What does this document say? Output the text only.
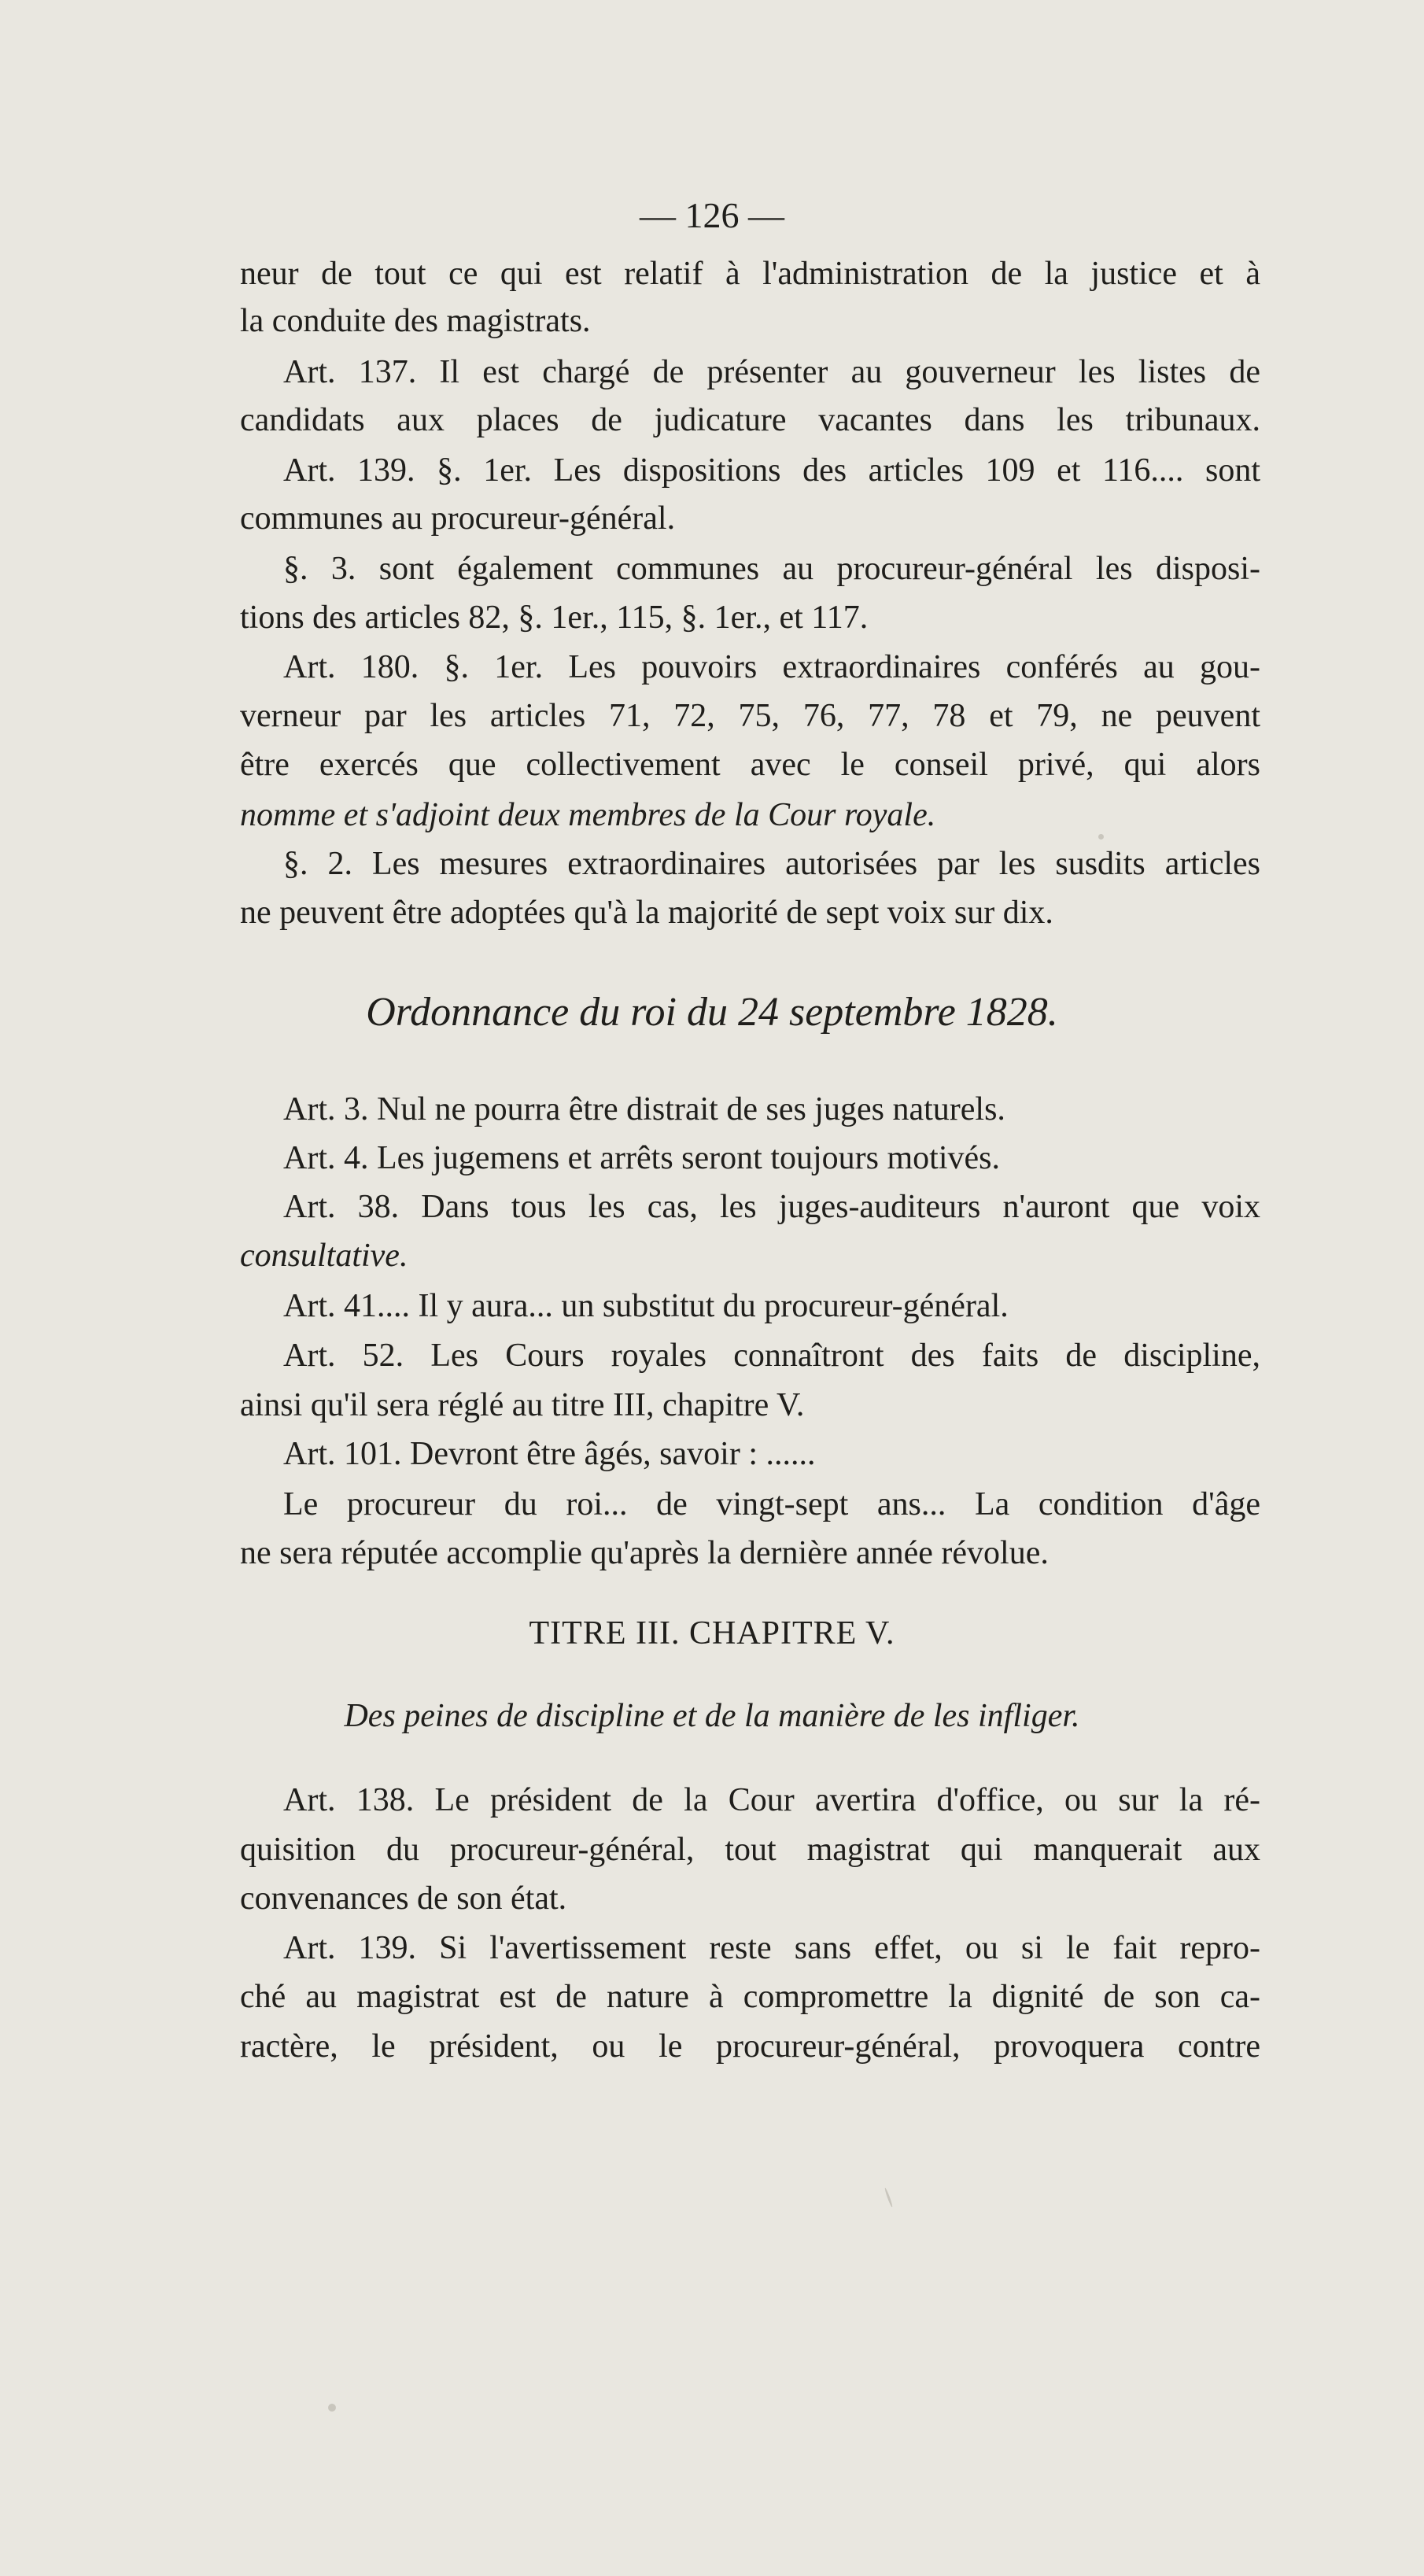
— 126 —
neur de tout ce qui est relatif à l'administration de la justice et à
la conduite des magistrats.
Art. 137. Il est chargé de présenter au gouverneur les listes de
candidats aux places de judicature vacantes dans les tribunaux.
Art. 139. §. 1er. Les dispositions des articles 109 et 116.... sont
communes au procureur-général.
§. 3. sont également communes au procureur-général les disposi-
tions des articles 82, §. 1er., 115, §. 1er., et 117.
Art. 180. §. 1er. Les pouvoirs extraordinaires conférés au gou-
verneur par les articles 71, 72, 75, 76, 77, 78 et 79, ne peuvent
être exercés que collectivement avec le conseil privé, qui alors
nomme et s'adjoint deux membres de la Cour royale.
§. 2. Les mesures extraordinaires autorisées par les susdits articles
ne peuvent être adoptées qu'à la majorité de sept voix sur dix.
Ordonnance du roi du 24 septembre 1828.
Art. 3. Nul ne pourra être distrait de ses juges naturels.
Art. 4. Les jugemens et arrêts seront toujours motivés.
Art. 38. Dans tous les cas, les juges-auditeurs n'auront que voix
consultative.
Art. 41.... Il y aura... un substitut du procureur-général.
Art. 52. Les Cours royales connaîtront des faits de discipline,
ainsi qu'il sera réglé au titre III, chapitre V.
Art. 101. Devront être âgés, savoir : ......
Le procureur du roi... de vingt-sept ans... La condition d'âge
ne sera réputée accomplie qu'après la dernière année révolue.
TITRE III. CHAPITRE V.
Des peines de discipline et de la manière de les infliger.
Art. 138. Le président de la Cour avertira d'office, ou sur la ré-
quisition du procureur-général, tout magistrat qui manquerait aux
convenances de son état.
Art. 139. Si l'avertissement reste sans effet, ou si le fait repro-
ché au magistrat est de nature à compromettre la dignité de son ca-
ractère, le président, ou le procureur-général, provoquera contre
